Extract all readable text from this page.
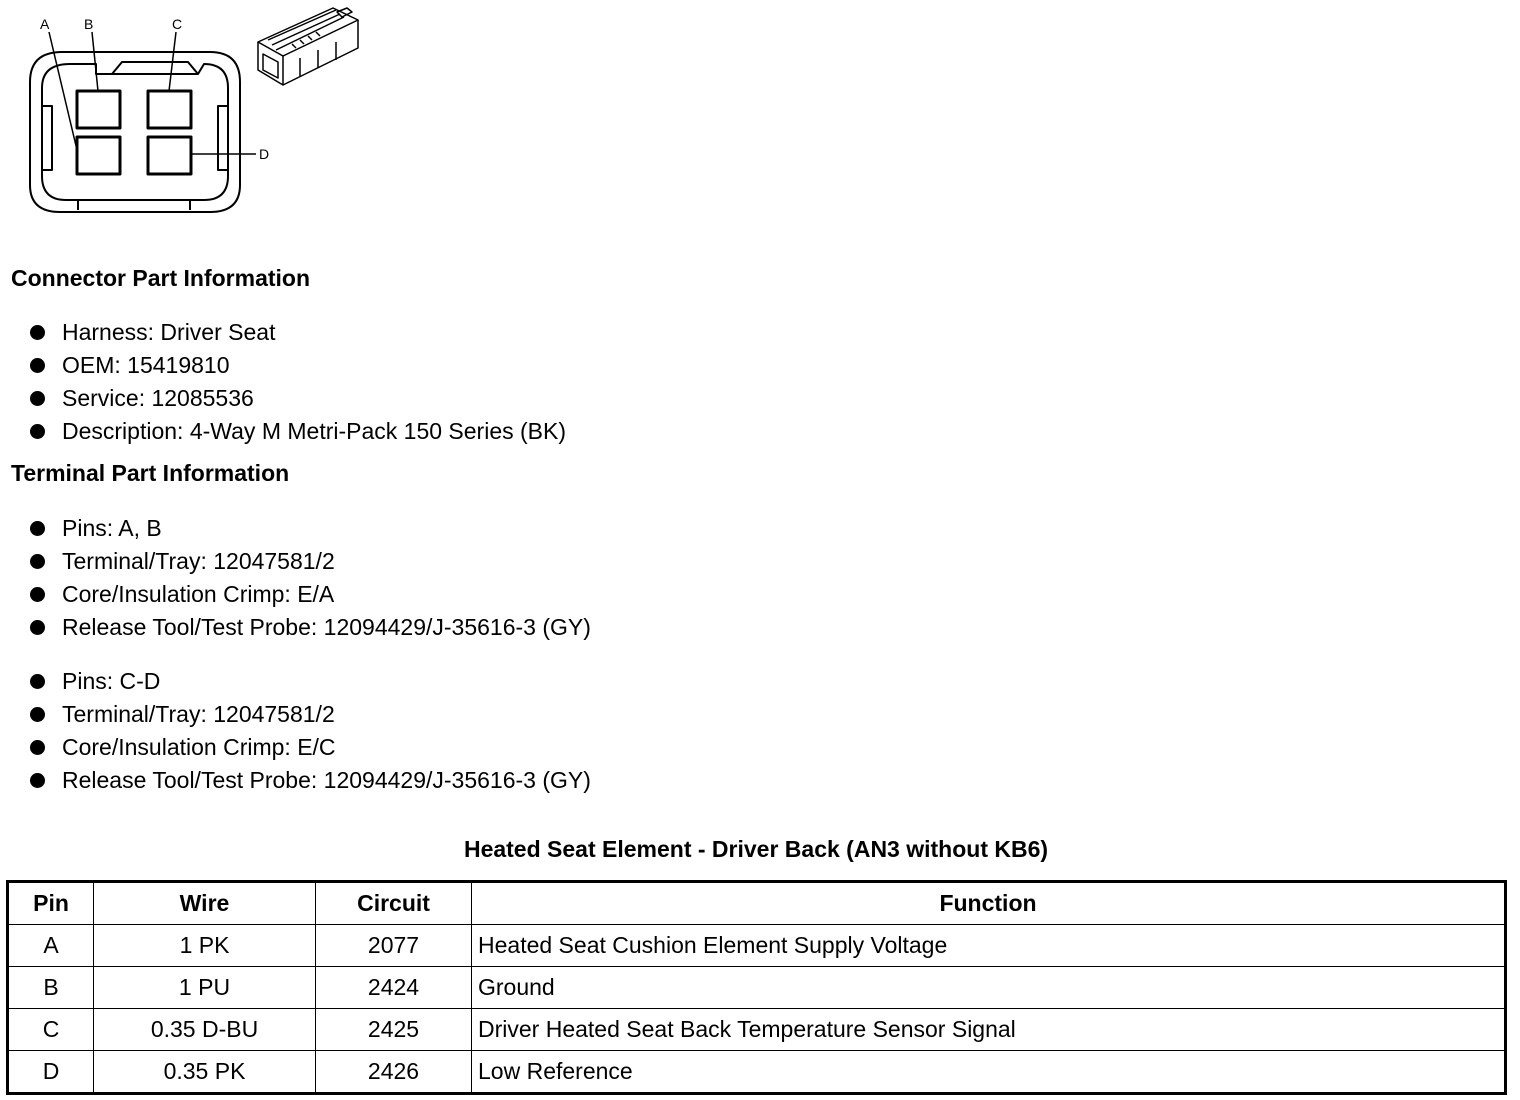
A B	C
D
Connector Part Information
Harness: Driver Seat
OEM: 15419810
Service: 12085536
Description: 4-Way M Metri-Pack 150 Series (BK)
Terminal Part Information
Pins: A, B
Terminal/Tray: 12047581/2
Core/Insulation Crimp: E/A
Release Tool/Test Probe: 12094429/J-35616-3 (GY)
Pins: C-D
Terminal/Tray: 12047581/2
Core/Insulation Crimp: E/C
Release Tool/Test Probe: 12094429/J-35616-3 (GY)
Heated Seat Element - Driver Back (AN3 without KB6)
Pin	Wire	Circuit	Function
A	1 PK	2077	Heated Seat Cushion Element Supply Voltage
B	1 PU	2424	Ground
C	0.35 D-BU	2425	Driver Heated Seat Back Temperature Sensor Signal
D	0.35 PK	2426	Low Reference
